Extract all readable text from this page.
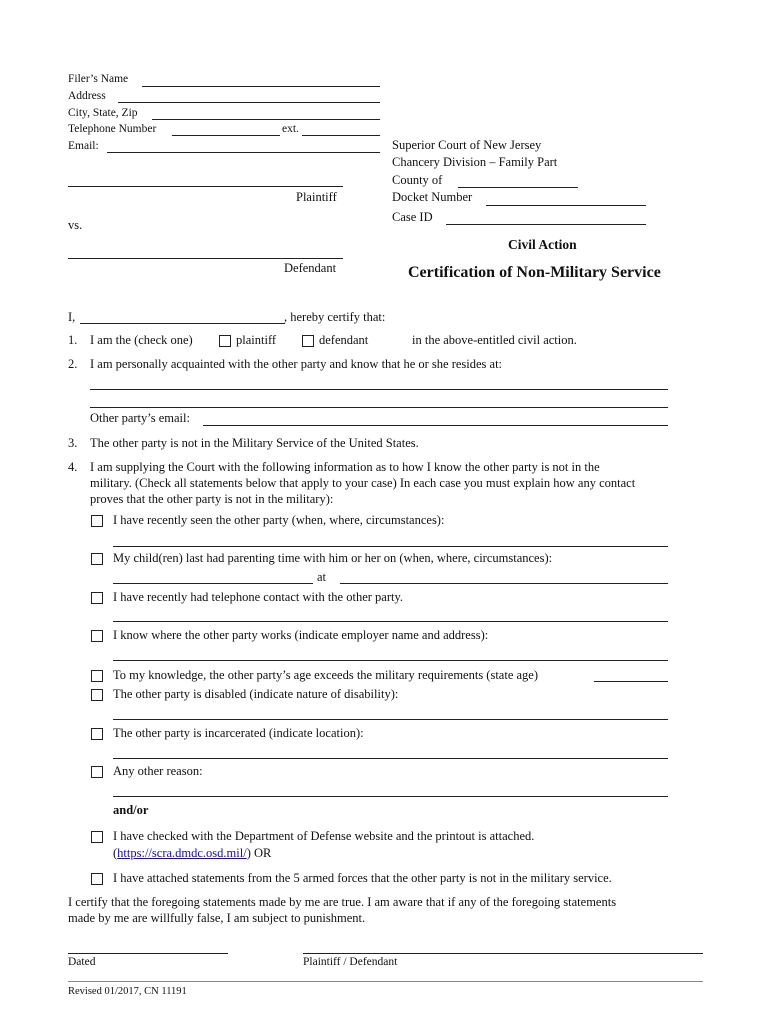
Filer’s Name
Address
City, State, Zip
Telephone Number	ext.
Email:	Superior Court of New Jersey
Chancery Division – Family Part
County of
Docket Number
Case ID
Plaintiff
vs.
Defendant
Civil Action
Certification of Non-Military Service
I,	, hereby certify that:
1. I am the (check one)	plaintiff	defendant	in the above-entitled civil action.
2. I am personally acquainted with the other party and know that he or she resides at:
Other party’s email:
3. The other party is not in the Military Service of the United States.
4. I am supplying the Court with the following information as to how I know the other party is not in the
military. (Check all statements below that apply to your case) In each case you must explain how any contact
proves that the other party is not in the military):
I have recently seen the other party (when, where, circumstances):
My child(ren) last had parenting time with him or her on (when, where, circumstances):
at
I have recently had telephone contact with the other party.
I know where the other party works (indicate employer name and address):
To my knowledge, the other party’s age exceeds the military requirements (state age)
The other party is disabled (indicate nature of disability):
The other party is incarcerated (indicate location):
Any other reason:
and/or
I have checked with the Department of Defense website and the printout is attached.
(https://scra.dmdc.osd.mil/) OR
I have attached statements from the 5 armed forces that the other party is not in the military service.
I certify that the foregoing statements made by me are true. I am aware that if any of the foregoing statements
made by me are willfully false, I am subject to punishment.
Dated	Plaintiff / Defendant
Revised 01/2017, CN 11191
